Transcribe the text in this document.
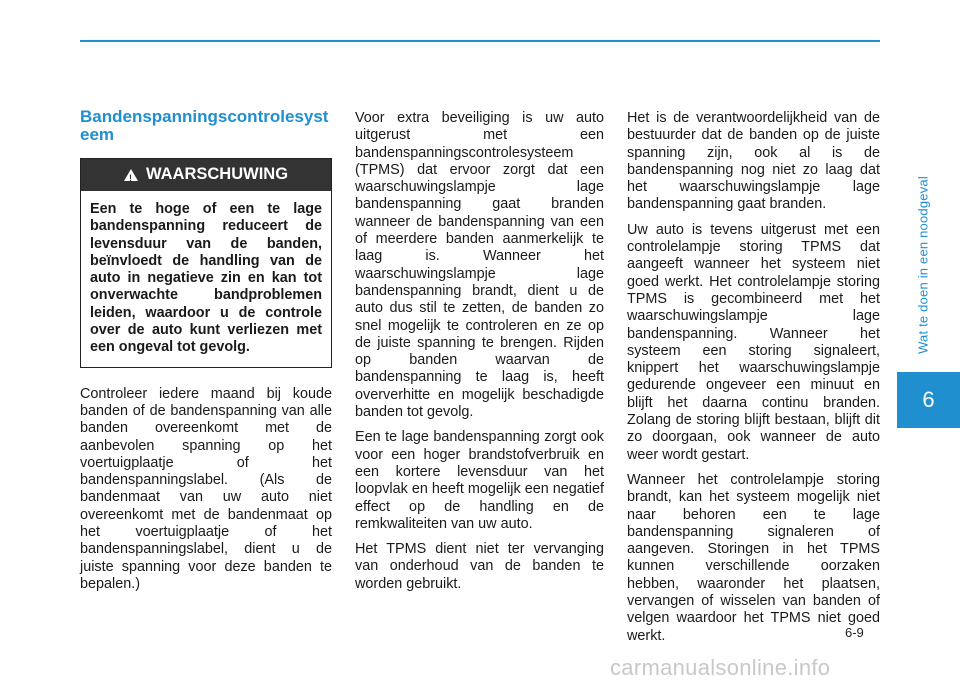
Wat te doen in een noodgeval
6
Bandenspanningscontrolesysteem
!
WAARSCHUWING
Een te hoge of een te lage bandenspanning reduceert de levensduur van de banden, beïnvloedt de handling van de auto in negatieve zin en kan tot onverwachte bandproblemen leiden, waardoor u de controle over de auto kunt verliezen met een ongeval tot gevolg.

Controleer iedere maand bij koude banden of de bandenspanning van alle banden overeenkomt met de aanbevolen spanning op het voertuigplaatje of het bandenspanningslabel. (Als de bandenmaat van uw auto niet overeenkomt met de bandenmaat op het voertuigplaatje of het bandenspanningslabel, dient u de juiste spanning voor deze banden te bepalen.)

Voor extra beveiliging is uw auto uitgerust met een bandenspanningscontrolesysteem (TPMS) dat ervoor zorgt dat een waarschuwingslampje lage bandenspanning gaat branden wanneer de bandenspanning van een of meerdere banden aanmerkelijk te laag is. Wanneer het waarschuwingslampje lage bandenspanning brandt, dient u de auto dus stil te zetten, de banden zo snel mogelijk te controleren en ze op de juiste spanning te brengen. Rijden op banden waarvan de bandenspanning te laag is, heeft oververhitte en mogelijk beschadigde banden tot gevolg.

Een te lage bandenspanning zorgt ook voor een hoger brandstofverbruik en een kortere levensduur van het loopvlak en heeft mogelijk een negatief effect op de handling en de remkwaliteiten van uw auto.

Het TPMS dient niet ter vervanging van onderhoud van de banden te worden gebruikt.

Het is de verantwoordelijkheid van de bestuurder dat de banden op de juiste spanning zijn, ook al is de bandenspanning nog niet zo laag dat het waarschuwingslampje lage bandenspanning gaat branden.

Uw auto is tevens uitgerust met een controlelampje storing TPMS dat aangeeft wanneer het systeem niet goed werkt. Het controlelampje storing TPMS is gecombineerd met het waarschuwingslampje lage bandenspanning. Wanneer het systeem een storing signaleert, knippert het waarschuwingslampje gedurende ongeveer een minuut en blijft het daarna continu branden. Zolang de storing blijft bestaan, blijft dit zo doorgaan, ook wanneer de auto weer wordt gestart.

Wanneer het controlelampje storing brandt, kan het systeem mogelijk niet naar behoren een te lage bandenspanning signaleren of aangeven. Storingen in het TPMS kunnen verschillende oorzaken hebben, waaronder het plaatsen, vervangen of wisselen van banden of velgen waardoor het TPMS niet goed werkt.	6-9
carmanualsonline.info
